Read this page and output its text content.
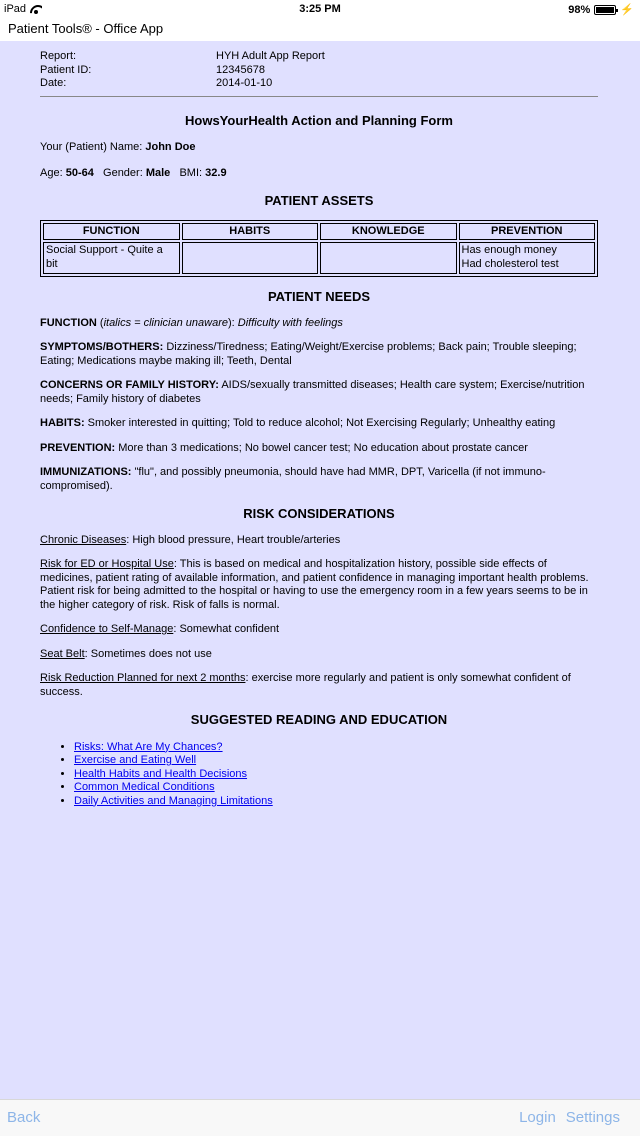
iPad	3:25 PM	98%	⚡
Patient Tools® - Office App
Report:	HYH Adult App Report
Patient ID:	12345678
Date:	2014-01-10
HowsYourHealth Action and Planning Form

Your (Patient) Name: John Doe

Age: 50-64 Gender: Male BMI: 32.9

PATIENT ASSETS
FUNCTION	HABITS	KNOWLEDGE	PREVENTION
Social Support - Quite a bit			Has enough money
Had cholesterol test
PATIENT NEEDS

FUNCTION (italics = clinician unaware): Difficulty with feelings

SYMPTOMS/BOTHERS: Dizziness/Tiredness; Eating/Weight/Exercise problems; Back pain; Trouble sleeping; Eating; Medications maybe making ill; Teeth, Dental

CONCERNS OR FAMILY HISTORY: AIDS/sexually transmitted diseases; Health care system; Exercise/nutrition needs; Family history of diabetes

HABITS: Smoker interested in quitting; Told to reduce alcohol; Not Exercising Regularly; Unhealthy eating

PREVENTION: More than 3 medications; No bowel cancer test; No education about prostate cancer

IMMUNIZATIONS: "flu", and possibly pneumonia, should have had MMR, DPT, Varicella (if not immuno-compromised).

RISK CONSIDERATIONS

Chronic Diseases: High blood pressure, Heart trouble/arteries

Risk for ED or Hospital Use: This is based on medical and hospitalization history, possible side effects of medicines, patient rating of available information, and patient confidence in managing important health problems. Patient risk for being admitted to the hospital or having to use the emergency room in a few years seems to be in the higher category of risk. Risk of falls is normal.

Confidence to Self-Manage: Somewhat confident

Seat Belt: Sometimes does not use

Risk Reduction Planned for next 2 months: exercise more regularly and patient is only somewhat confident of success.

SUGGESTED READING AND EDUCATION
• Risks: What Are My Chances?
• Exercise and Eating Well
• Health Habits and Health Decisions
• Common Medical Conditions
• Daily Activities and Managing Limitations
Back	Login Settings
